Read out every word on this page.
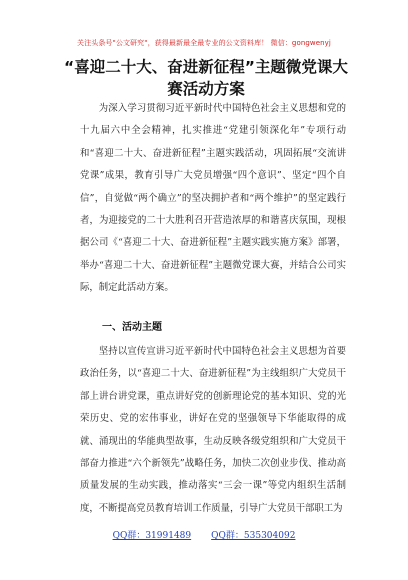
关注头条号"公文研究"，获得最新最全最专业的公文资料库！ 微信：gongwenyj
“喜迎二十大、奋进新征程”主题微党课大
赛活动方案

为深入学习贯彻习近平新时代中国特色社会主义思想和党的十九届六中全会精神，扎实推进“党建引领深化年”专项行动和“喜迎二十大、奋进新征程”主题实践活动，巩固拓展“交流讲党课”成果，教育引导广大党员增强“四个意识”、坚定“四个自信”，自觉做“两个确立”的坚决拥护者和“两个维护”的坚定践行者，为迎接党的二十大胜利召开营造浓厚的和谐喜庆氛围，现根据公司《“喜迎二十大、奋进新征程”主题实践实施方案》部署，举办“喜迎二十大、奋进新征程”主题微党课大赛，并结合公司实际，制定此活动方案。

一、活动主题

坚持以宣传宣讲习近平新时代中国特色社会主义思想为首要政治任务，以“喜迎二十大、奋进新征程”为主线组织广大党员干部上讲台讲党课，重点讲好党的创新理论党的基本知识、党的光荣历史、党的宏伟事业，讲好在党的坚强领导下华能取得的成就、涌现出的华能典型故事，生动反映各级党组织和广大党员干部奋力推进“六个新领先”战略任务，加快二次创业步伐、推动高质量发展的生动实践，推动落实“三会一课”等党内组织生活制度，不断提高党员教育培训工作质量，引导广大党员干部职工为

QQ群：31991489 QQ群：535304092
